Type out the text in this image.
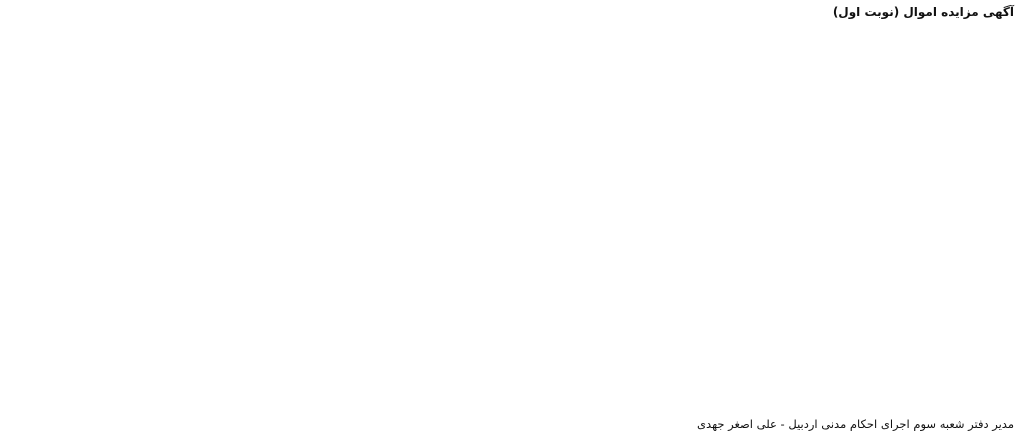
آگهی مزایده اموال (نوبت اول)

مدیر دفتر شعبه سوم اجرای احکام مدنی اردبیل - علی اصغر جهدی
